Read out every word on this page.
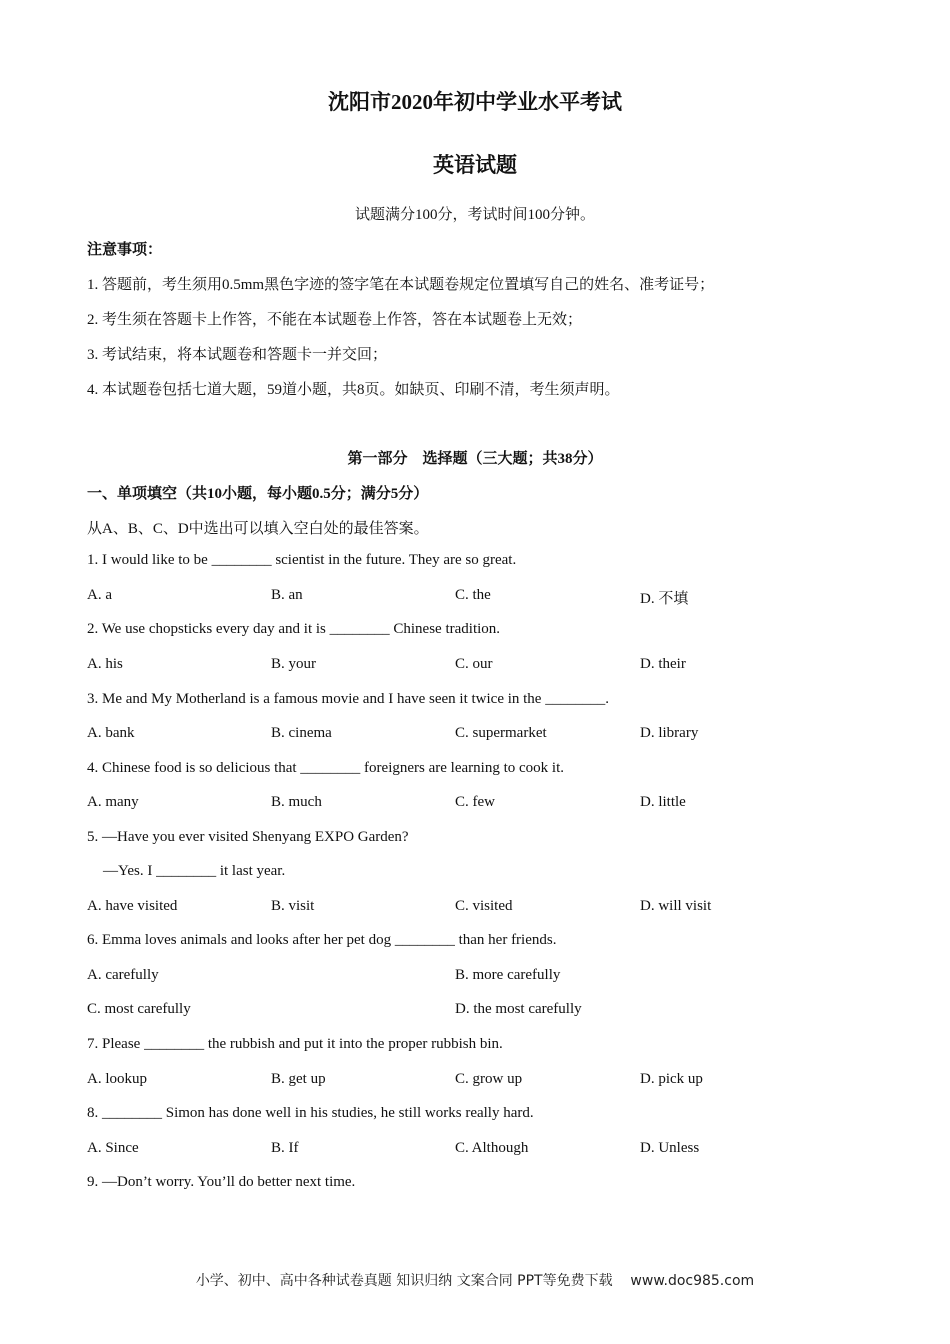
沈阳市2020年初中学业水平考试
英语试题
试题满分100分，考试时间100分钟。
注意事项：
1. 答题前，考生须用0.5mm黑色字迹的签字笔在本试题卷规定位置填写自己的姓名、准考证号；
2. 考生须在答题卡上作答，不能在本试题卷上作答，答在本试题卷上无效；
3. 考试结束，将本试题卷和答题卡一并交回；
4. 本试题卷包括七道大题，59道小题，共8页。如缺页、印刷不清，考生须声明。
第一部分　选择题（三大题；共38分）
一、单项填空（共10小题，每小题0.5分；满分5分）
从A、B、C、D中选出可以填入空白处的最佳答案。
1. I would like to be ________ scientist in the future. They are so great.
A. a	B. an	C. the	D. 不填
2. We use chopsticks every day and it is ________ Chinese tradition.
A. his	B. your	C. our	D. their
3. Me and My Motherland is a famous movie and I have seen it twice in the ________.
A. bank	B. cinema	C. supermarket	D. library
4. Chinese food is so delicious that ________ foreigners are learning to cook it.
A. many	B. much	C. few	D. little
5. —Have you ever visited Shenyang EXPO Garden?
—Yes. I ________ it last year.
A. have visited	B. visit	C. visited	D. will visit
6. Emma loves animals and looks after her pet dog ________ than her friends.
A. carefully	B. more carefully
C. most carefully	D. the most carefully
7. Please ________ the rubbish and put it into the proper rubbish bin.
A. lookup	B. get up	C. grow up	D. pick up
8. ________ Simon has done well in his studies, he still works really hard.
A. Since	B. If	C. Although	D. Unless
9. —Don’t worry. You’ll do better next time.
小学、初中、高中各种试卷真题 知识归纳 文案合同 PPT等免费下载 www.doc985.com
